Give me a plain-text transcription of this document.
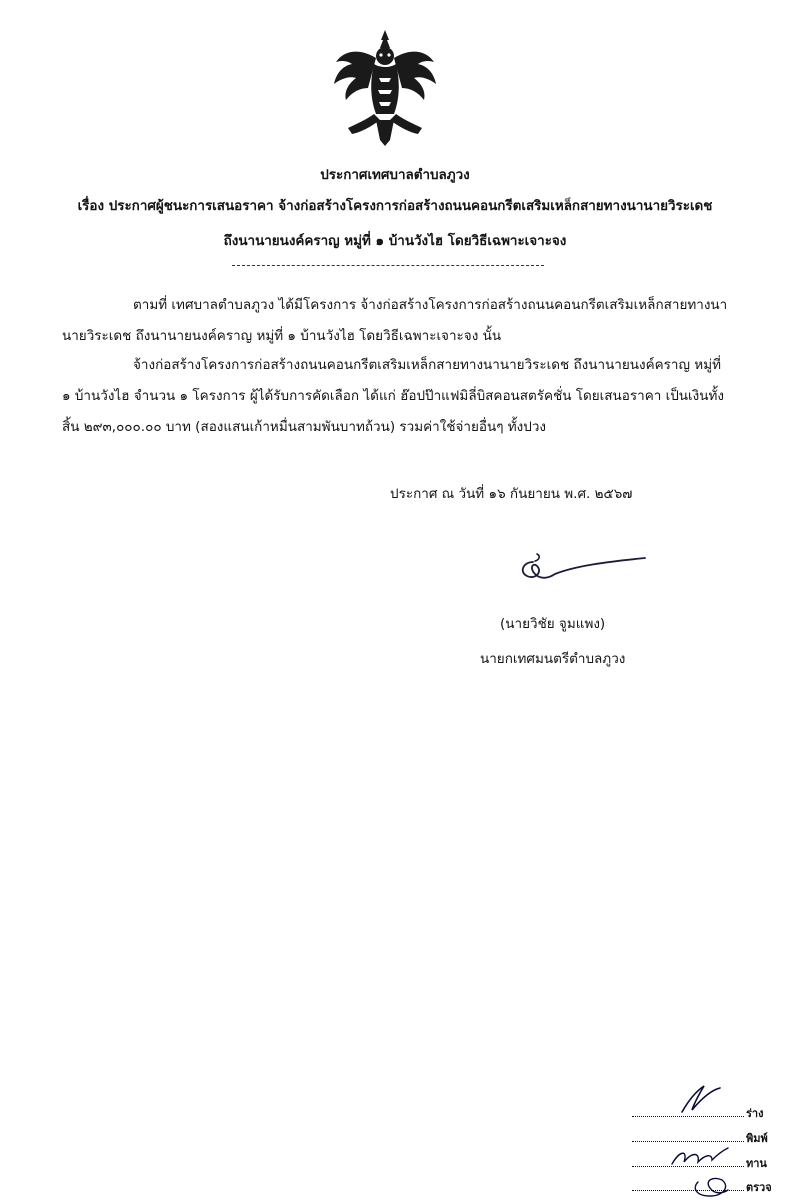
ประกาศเทศบาลตำบลภูวง
เรื่อง ประกาศผู้ชนะการเสนอราคา จ้างก่อสร้างโครงการก่อสร้างถนนคอนกรีตเสริมเหล็กสายทางนานายวิระเดช
ถึงนานายนงค์คราญ หมู่ที่ ๑ บ้านวังไฮ โดยวิธีเฉพาะเจาะจง
ตามที่ เทศบาลตำบลภูวง ได้มีโครงการ จ้างก่อสร้างโครงการก่อสร้างถนนคอนกรีตเสริมเหล็กสายทางนา
นายวิระเดช ถึงนานายนงค์คราญ หมู่ที่ ๑ บ้านวังไฮ โดยวิธีเฉพาะเจาะจง นั้น
จ้างก่อสร้างโครงการก่อสร้างถนนคอนกรีตเสริมเหล็กสายทางนานายวิระเดช ถึงนานายนงค์คราญ หมู่ที่
๑ บ้านวังไฮ จำนวน ๑ โครงการ ผู้ได้รับการคัดเลือก ได้แก่ ฮ๊อปป๊าแฟมิลี่บิสคอนสตรัคชั่น โดยเสนอราคา เป็นเงินทั้ง
สิ้น ๒๙๓,๐๐๐.๐๐ บาท (สองแสนเก้าหมื่นสามพันบาทถ้วน) รวมค่าใช้จ่ายอื่นๆ ทั้งปวง
ประกาศ ณ วันที่ ๑๖ กันยายน พ.ศ. ๒๕๖๗
(นายวิชัย จูมแพง)
นายกเทศมนตรีตำบลภูวง
ร่าง
พิมพ์
ทาน
ตรวจ
